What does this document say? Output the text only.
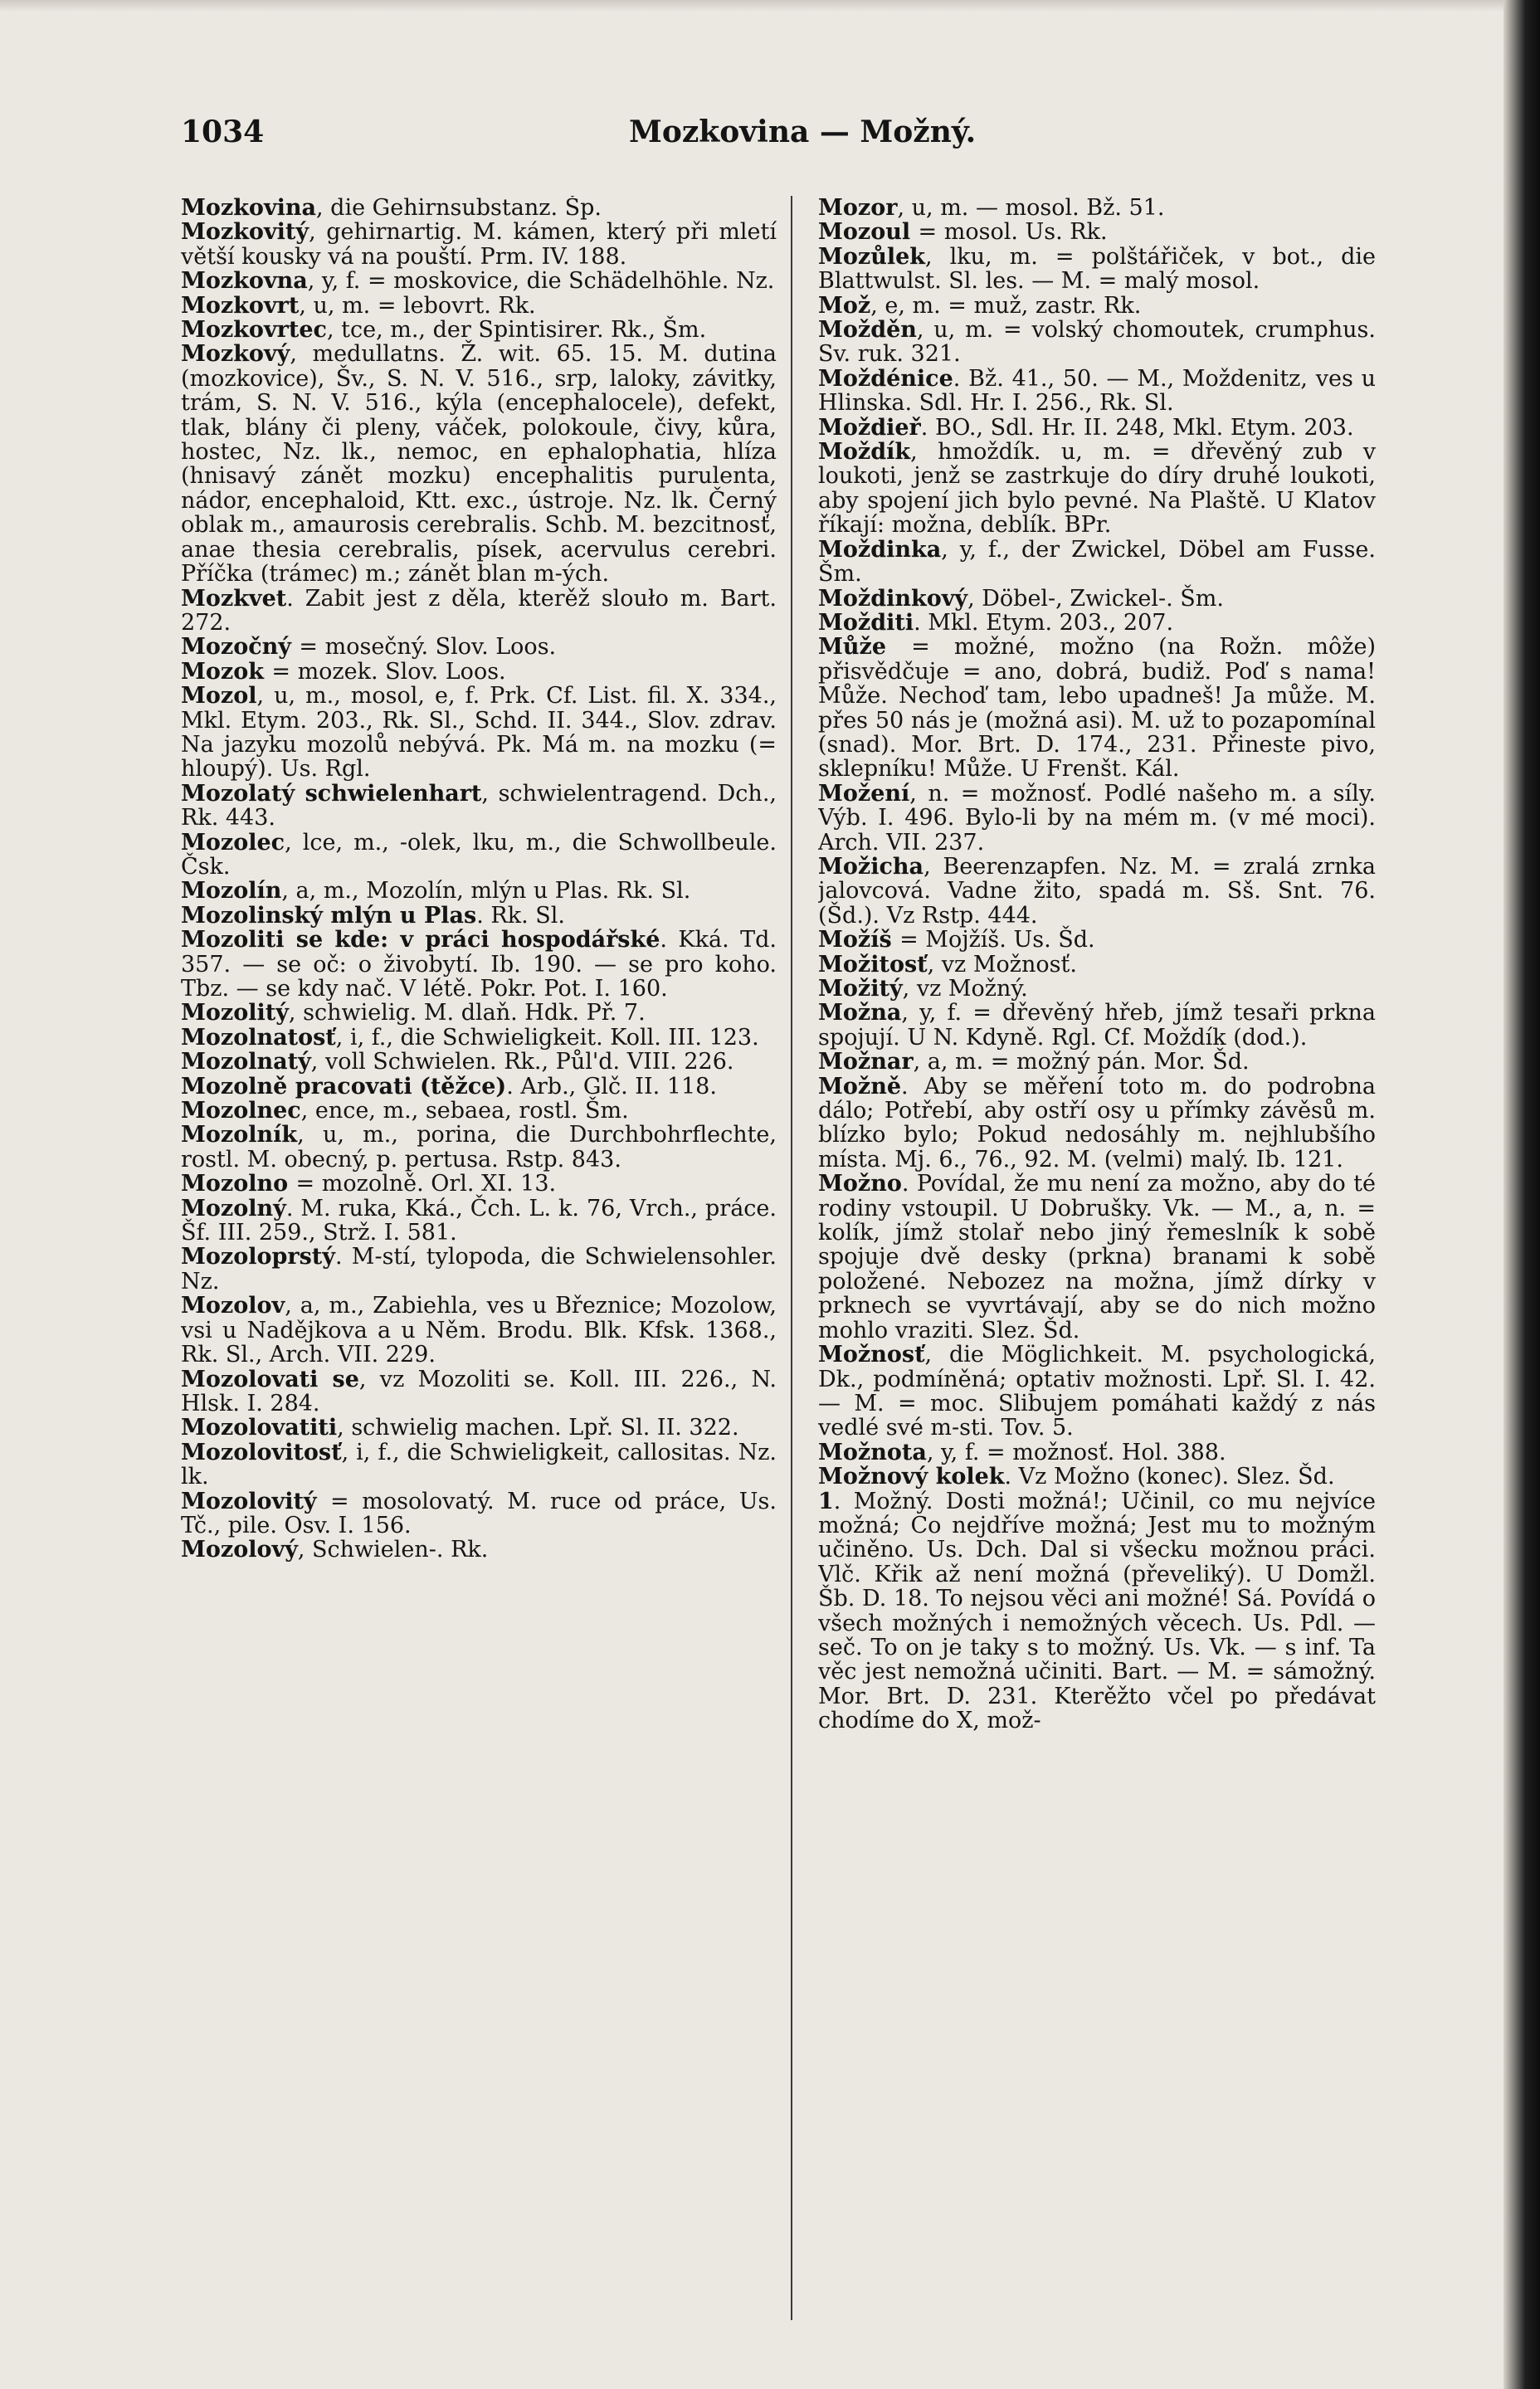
1034	Mozkovina — Možný.

Mozkovina, die Gehirnsubstanz. Šp.

Mozkovitý, gehirnartig. M. kámen, který při mletí větší kousky vá na pouští. Prm. IV. 188.

Mozkovna, y, f. = moskovice, die Schädelhöhle. Nz.

Mozkovrt, u, m. = lebovrt. Rk.

Mozkovrtec, tce, m., der Spintisirer. Rk., Šm.

Mozkový, medullatns. Ž. wit. 65. 15. M. dutina (mozkovice), Šv., S. N. V. 516., srp, laloky, závitky, trám, S. N. V. 516., kýla (encephalocele), defekt, tlak, blány či pleny, váček, polokoule, čivy, kůra, hostec, Nz. lk., nemoc, en ephalophatia, hlíza (hnisavý zánět mozku) encephalitis purulenta, nádor, encephaloid, Ktt. exc., ústroje. Nz. lk. Černý oblak m., amaurosis cerebralis. Schb. M. bezcitnosť, anae thesia cerebralis, písek, acervulus cerebri. Příčka (trámec) m.; zánět blan m-ých.

Mozkvet. Zabit jest z děla, kterěž slouło m. Bart. 272.

Mozočný = mosečný. Slov. Loos.

Mozok = mozek. Slov. Loos.

Mozol, u, m., mosol, e, f. Prk. Cf. List. fil. X. 334., Mkl. Etym. 203., Rk. Sl., Schd. II. 344., Slov. zdrav. Na jazyku mozolů nebývá. Pk. Má m. na mozku (= hloupý). Us. Rgl.

Mozolatý schwielenhart, schwielentragend. Dch., Rk. 443.

Mozolec, lce, m., -olek, lku, m., die Schwollbeule. Čsk.

Mozolín, a, m., Mozolín, mlýn u Plas. Rk. Sl.

Mozolinský mlýn u Plas. Rk. Sl.

Mozoliti se kde: v práci hospodářské. Kká. Td. 357. — se oč: o živobytí. Ib. 190. — se pro koho. Tbz. — se kdy nač. V létě. Pokr. Pot. I. 160.

Mozolitý, schwielig. M. dlaň. Hdk. Př. 7.

Mozolnatosť, i, f., die Schwieligkeit. Koll. III. 123.

Mozolnatý, voll Schwielen. Rk., Půl'd. VIII. 226.

Mozolně pracovati (těžce). Arb., Glč. II. 118.

Mozolnec, ence, m., sebaea, rostl. Šm.

Mozolník, u, m., porina, die Durchbohrflechte, rostl. M. obecný, p. pertusa. Rstp. 843.

Mozolno = mozolně. Orl. XI. 13.

Mozolný. M. ruka, Kká., Čch. L. k. 76, Vrch., práce. Šf. III. 259., Strž. I. 581.

Mozoloprstý. M-stí, tylopoda, die Schwielensohler. Nz.

Mozolov, a, m., Zabiehla, ves u Březnice; Mozolow, vsi u Nadějkova a u Něm. Brodu. Blk. Kfsk. 1368., Rk. Sl., Arch. VII. 229.

Mozolovati se, vz Mozoliti se. Koll. III. 226., N. Hlsk. I. 284.

Mozolovatiti, schwielig machen. Lpř. Sl. II. 322.

Mozolovitosť, i, f., die Schwieligkeit, callositas. Nz. lk.

Mozolovitý = mosolovatý. M. ruce od práce, Us. Tč., pile. Osv. I. 156.

Mozolový, Schwielen-. Rk.

Mozor, u, m. — mosol. Bž. 51.

Mozoul = mosol. Us. Rk.

Mozůlek, lku, m. = polštářiček, v bot., die Blattwulst. Sl. les. — M. = malý mosol.

Mož, e, m. = muž, zastr. Rk.

Možděn, u, m. = volský chomoutek, crumphus. Sv. ruk. 321.

Moždénice. Bž. 41., 50. — M., Moždenitz, ves u Hlinska. Sdl. Hr. I. 256., Rk. Sl.

Moždieř. BO., Sdl. Hr. II. 248, Mkl. Etym. 203.

Moždík, hmoždík. u, m. = dřevěný zub v loukoti, jenž se zastrkuje do díry druhé loukoti, aby spojení jich bylo pevné. Na Plaště. U Klatov říkají: možna, deblík. BPr.

Moždinka, y, f., der Zwickel, Döbel am Fusse. Šm.

Moždinkový, Döbel-, Zwickel-. Šm.

Možditi. Mkl. Etym. 203., 207.

Může = možné, možno (na Rožn. môže) přisvědčuje = ano, dobrá, budiž. Poď s nama! Může. Nechoď tam, lebo upadneš! Ja může. M. přes 50 nás je (možná asi). M. už to pozapomínal (snad). Mor. Brt. D. 174., 231. Přineste pivo, sklepníku! Může. U Frenšt. Kál.

Možení, n. = možnosť. Podlé našeho m. a síly. Výb. I. 496. Bylo-li by na mém m. (v mé moci). Arch. VII. 237.

Možicha, Beerenzapfen. Nz. M. = zralá zrnka jalovcová. Vadne žito, spadá m. Sš. Snt. 76. (Šd.). Vz Rstp. 444.

Možíš = Mojžíš. Us. Šd.

Možitosť, vz Možnosť.

Možitý, vz Možný.

Možna, y, f. = dřevěný hřeb, jímž tesaři prkna spojují. U N. Kdyně. Rgl. Cf. Moždík (dod.).

Možnar, a, m. = možný pán. Mor. Šd.

Možně. Aby se měření toto m. do podrobna dálo; Potřebí, aby ostří osy u přímky závěsů m. blízko bylo; Pokud nedosáhly m. nejhlubšího místa. Mj. 6., 76., 92. M. (velmi) malý. Ib. 121.

Možno. Povídal, že mu není za možno, aby do té rodiny vstoupil. U Dobrušky. Vk. — M., a, n. = kolík, jímž stolař nebo jiný řemeslník k sobě spojuje dvě desky (prkna) branami k sobě položené. Nebozez na možna, jímž dírky v prknech se vyvrtávají, aby se do nich možno mohlo vraziti. Slez. Šd.

Možnosť, die Möglichkeit. M. psychologická, Dk., podmíněná; optativ možnosti. Lpř. Sl. I. 42. — M. = moc. Slibujem pomáhati každý z nás vedlé své m-sti. Tov. 5.

Možnota, y, f. = možnosť. Hol. 388.

Možnový kolek. Vz Možno (konec). Slez. Šd.

1. Možný. Dosti možná!; Učinil, co mu nejvíce možná; Co nejdříve možná; Jest mu to možným učiněno. Us. Dch. Dal si všecku možnou práci. Vlč. Křik až není možná (převeliký). U Domžl. Šb. D. 18. To nejsou věci ani možné! Sá. Povídá o všech možných i nemožných věcech. Us. Pdl. — seč. To on je taky s to možný. Us. Vk. — s inf. Ta věc jest nemožná učiniti. Bart. — M. = sámožný. Mor. Brt. D. 231. Kterěžto včel po předávat chodíme do X, mož-
